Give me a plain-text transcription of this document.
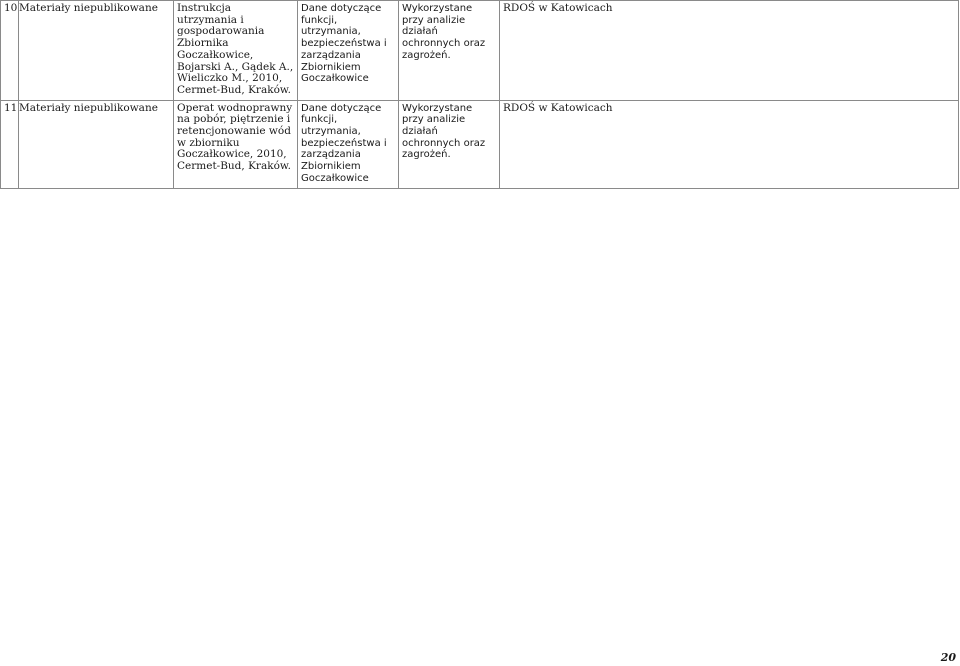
10	Materiały niepublikowane	Instrukcja utrzymania i gospodarowania Zbiornika Goczałkowice, Bojarski A., Gądek A., Wieliczko M., 2010, Cermet-Bud, Kraków.	Dane dotyczące funkcji, utrzymania, bezpieczeństwa i zarządzania Zbiornikiem Goczałkowice	Wykorzystane przy analizie działań ochronnych oraz zagrożeń.	RDOŚ w Katowicach
11	Materiały niepublikowane	Operat wodnoprawny na pobór, piętrzenie i retencjonowanie wód w zbiorniku Goczałkowice, 2010, Cermet-Bud, Kraków.	Dane dotyczące funkcji, utrzymania, bezpieczeństwa i zarządzania Zbiornikiem Goczałkowice	Wykorzystane przy analizie działań ochronnych oraz zagrożeń.	RDOŚ w Katowicach
20
